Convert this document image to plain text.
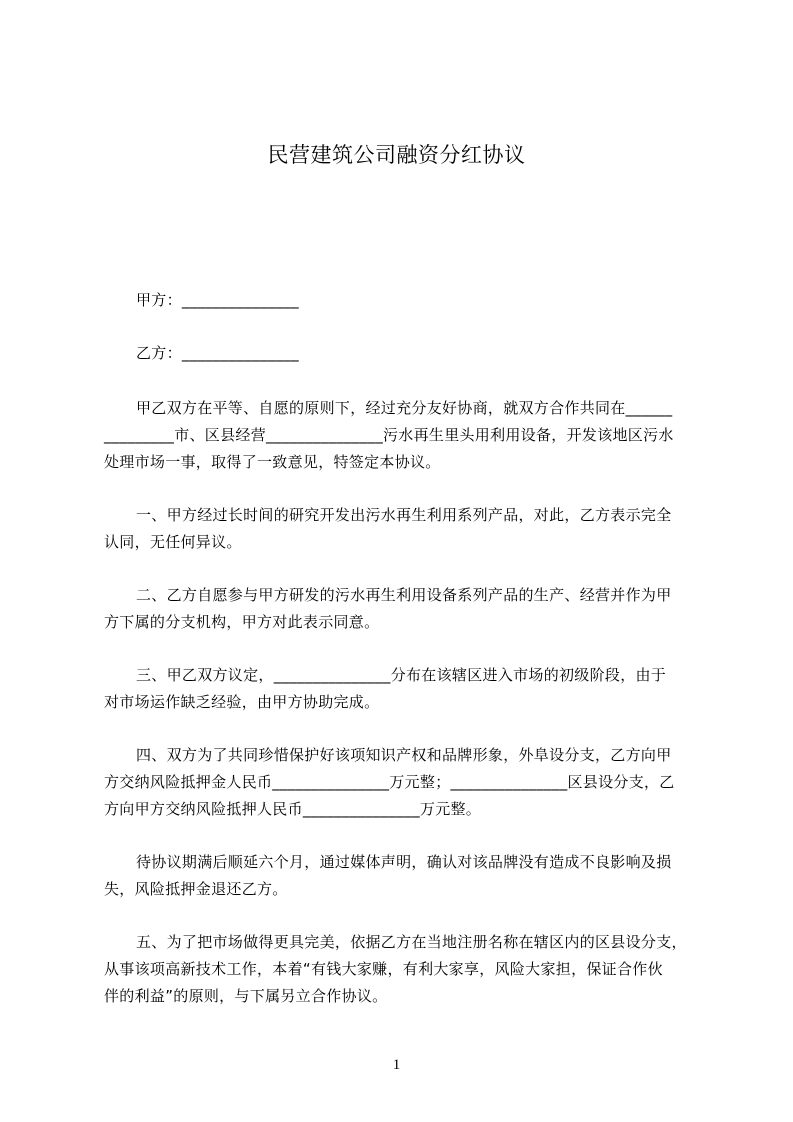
民营建筑公司融资分红协议
甲方：_______________
乙方：_______________
甲乙双方在平等、自愿的原则下，经过充分友好协商，就双方合作共同在______
_________市、区县经营_______________污水再生里头用利用设备，开发该地区污水
处理市场一事，取得了一致意见，特签定本协议。
一、甲方经过长时间的研究开发出污水再生利用系列产品，对此，乙方表示完全
认同，无任何异议。
二、乙方自愿参与甲方研发的污水再生利用设备系列产品的生产、经营并作为甲
方下属的分支机构，甲方对此表示同意。
三、甲乙双方议定，_______________分布在该辖区进入市场的初级阶段，由于
对市场运作缺乏经验，由甲方协助完成。
四、双方为了共同珍惜保护好该项知识产权和品牌形象，外阜设分支，乙方向甲
方交纳风险抵押金人民币_______________万元整；_______________区县设分支，乙
方向甲方交纳风险抵押人民币_______________万元整。
待协议期满后顺延六个月，通过媒体声明，确认对该品牌没有造成不良影响及损
失，风险抵押金退还乙方。
五、为了把市场做得更具完美，依据乙方在当地注册名称在辖区内的区县设分支，
从事该项高新技术工作，本着“有钱大家赚，有利大家享，风险大家担，保证合作伙
伴的利益”的原则，与下属另立合作协议。
1
